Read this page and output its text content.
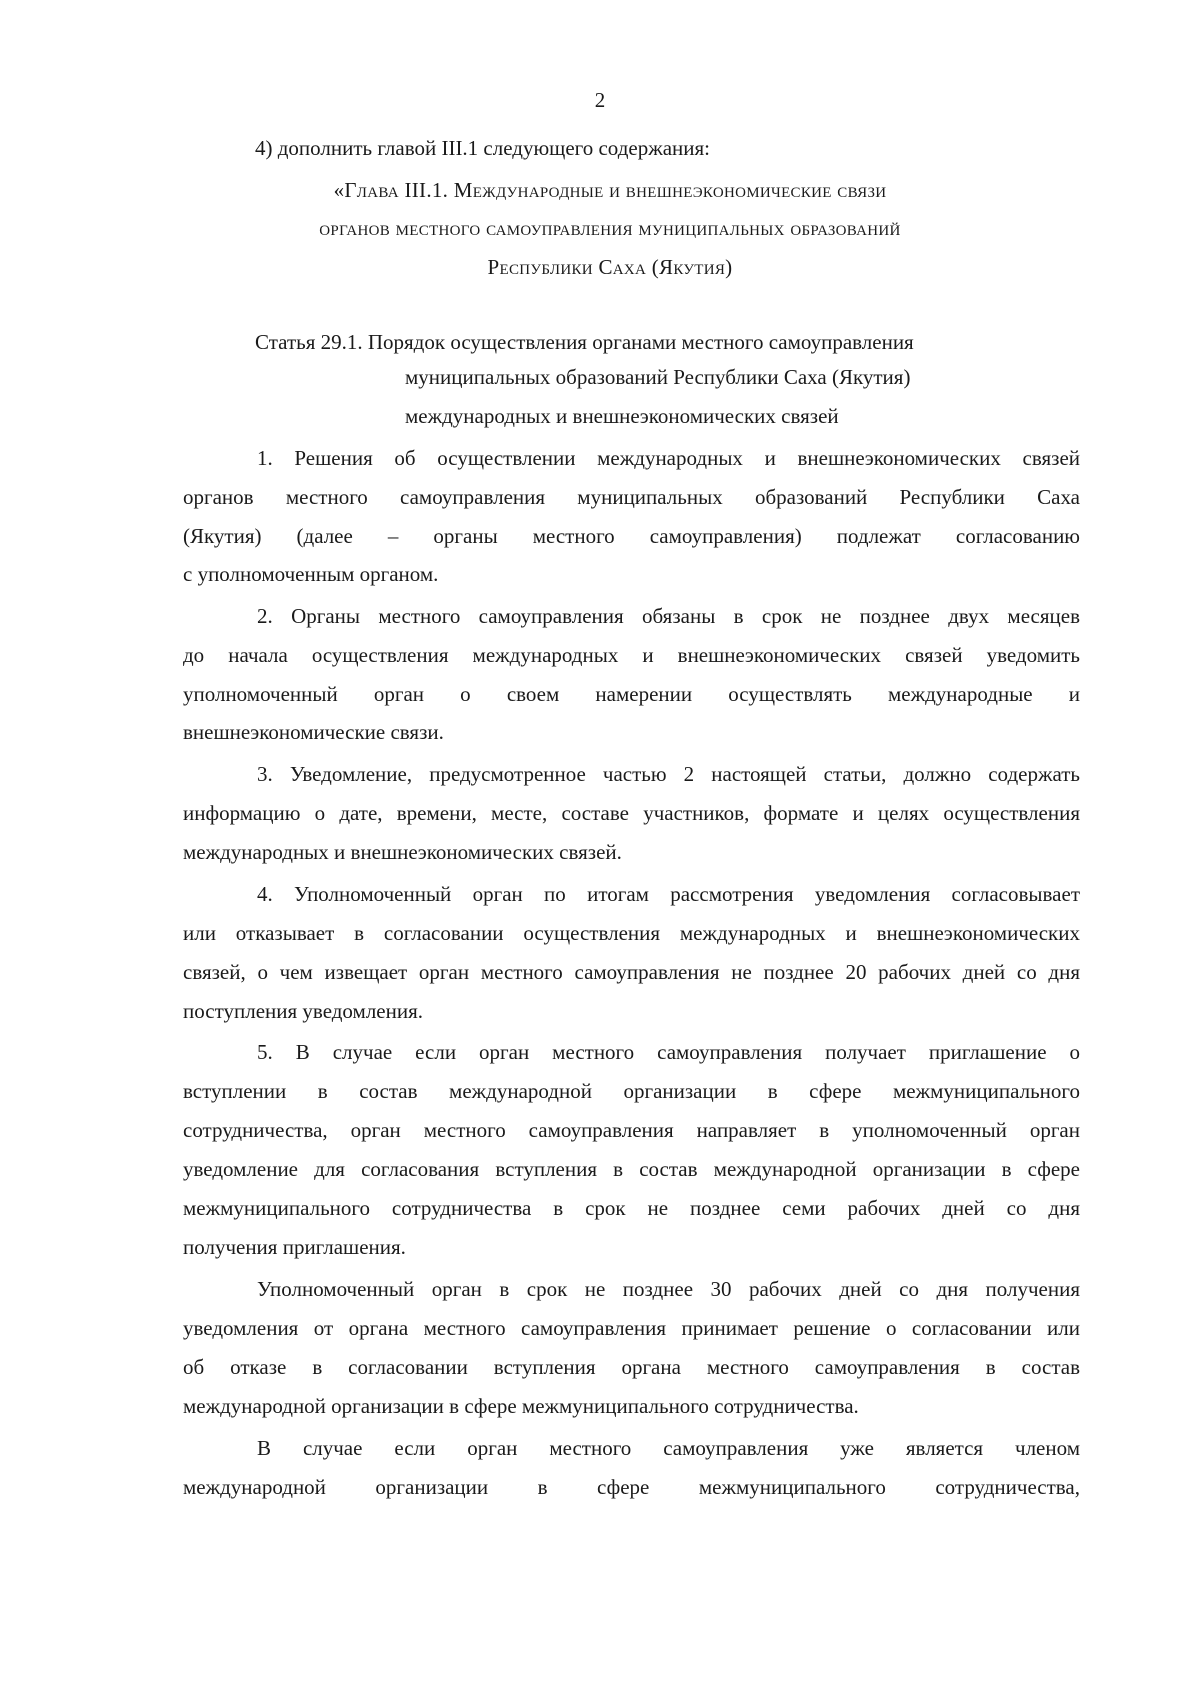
2
4) дополнить главой III.1 следующего содержания:
«Глава III.1. Международные и внешнеэкономические связи
органов местного самоуправления муниципальных образований
Республики Саха (Якутия)
Статья 29.1. Порядок осуществления органами местного самоуправления
муниципальных образований Республики Саха (Якутия)
международных и внешнеэкономических связей
1. Решения об осуществлении международных и внешнеэкономических связей
органов местного самоуправления муниципальных образований Республики Саха
(Якутия) (далее – органы местного самоуправления) подлежат согласованию
с уполномоченным органом.
2. Органы местного самоуправления обязаны в срок не позднее двух месяцев
до начала осуществления международных и внешнеэкономических связей уведомить
уполномоченный орган о своем намерении осуществлять международные и
внешнеэкономические связи.
3. Уведомление, предусмотренное частью 2 настоящей статьи, должно содержать
информацию о дате, времени, месте, составе участников, формате и целях осуществления
международных и внешнеэкономических связей.
4. Уполномоченный орган по итогам рассмотрения уведомления согласовывает
или отказывает в согласовании осуществления международных и внешнеэкономических
связей, о чем извещает орган местного самоуправления не позднее 20 рабочих дней со дня
поступления уведомления.
5. В случае если орган местного самоуправления получает приглашение о
вступлении в состав международной организации в сфере межмуниципального
сотрудничества, орган местного самоуправления направляет в уполномоченный орган
уведомление для согласования вступления в состав международной организации в сфере
межмуниципального сотрудничества в срок не позднее семи рабочих дней со дня
получения приглашения.
Уполномоченный орган в срок не позднее 30 рабочих дней со дня получения
уведомления от органа местного самоуправления принимает решение о согласовании или
об отказе в согласовании вступления органа местного самоуправления в состав
международной организации в сфере межмуниципального сотрудничества.
В случае если орган местного самоуправления уже является членом
международной организации в сфере межмуниципального сотрудничества,
